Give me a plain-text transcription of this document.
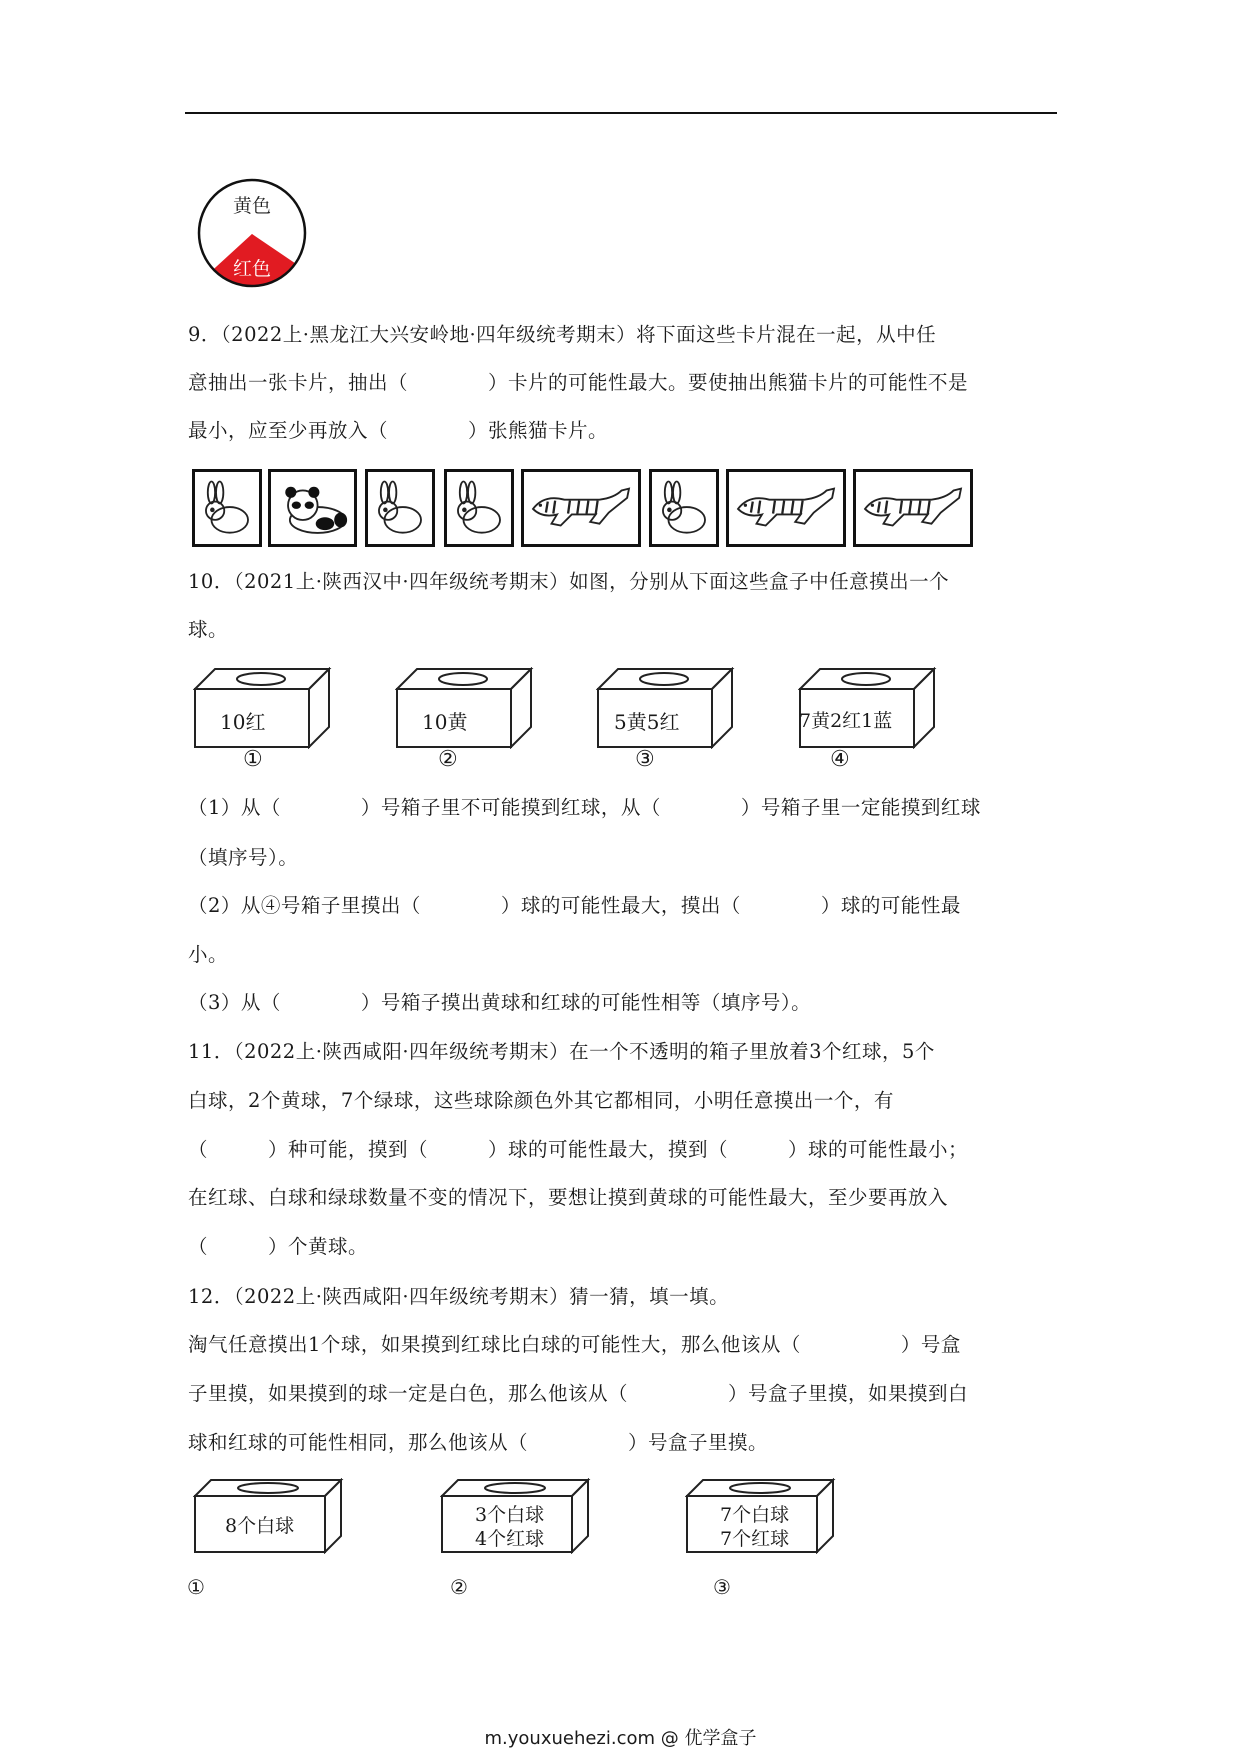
黄色
红色
9．（2022上·黑龙江大兴安岭地·四年级统考期末）将下面这些卡片混在一起，从中任
意抽出一张卡片，抽出（　　　　）卡片的可能性最大。要使抽出熊猫卡片的可能性不是
最小，应至少再放入（　　　　）张熊猫卡片。
10．（2021上·陕西汉中·四年级统考期末）如图，分别从下面这些盒子中任意摸出一个
球。
10红
①
10黄
②
5黄5红
③
7黄2红1蓝
④
（1）从（　　　　）号箱子里不可能摸到红球，从（　　　　）号箱子里一定能摸到红球
（填序号）。
（2）从④号箱子里摸出（　　　　）球的可能性最大，摸出（　　　　）球的可能性最
小。
（3）从（　　　　）号箱子摸出黄球和红球的可能性相等（填序号）。
11．（2022上·陕西咸阳·四年级统考期末）在一个不透明的箱子里放着3个红球，5个
白球，2个黄球，7个绿球，这些球除颜色外其它都相同，小明任意摸出一个，有
（　　　）种可能，摸到（　　　）球的可能性最大，摸到（　　　）球的可能性最小；
在红球、白球和绿球数量不变的情况下，要想让摸到黄球的可能性最大，至少要再放入
（　　　）个黄球。
12．（2022上·陕西咸阳·四年级统考期末）猜一猜，填一填。
淘气任意摸出1个球，如果摸到红球比白球的可能性大，那么他该从（　　　　　）号盒
子里摸，如果摸到的球一定是白色，那么他该从（　　　　　）号盒子里摸，如果摸到白
球和红球的可能性相同，那么他该从（　　　　　）号盒子里摸。
8个白球
①
3个白球
4个红球
②
7个白球
7个红球
③
m.youxuehezi.com @ 优学盒子
